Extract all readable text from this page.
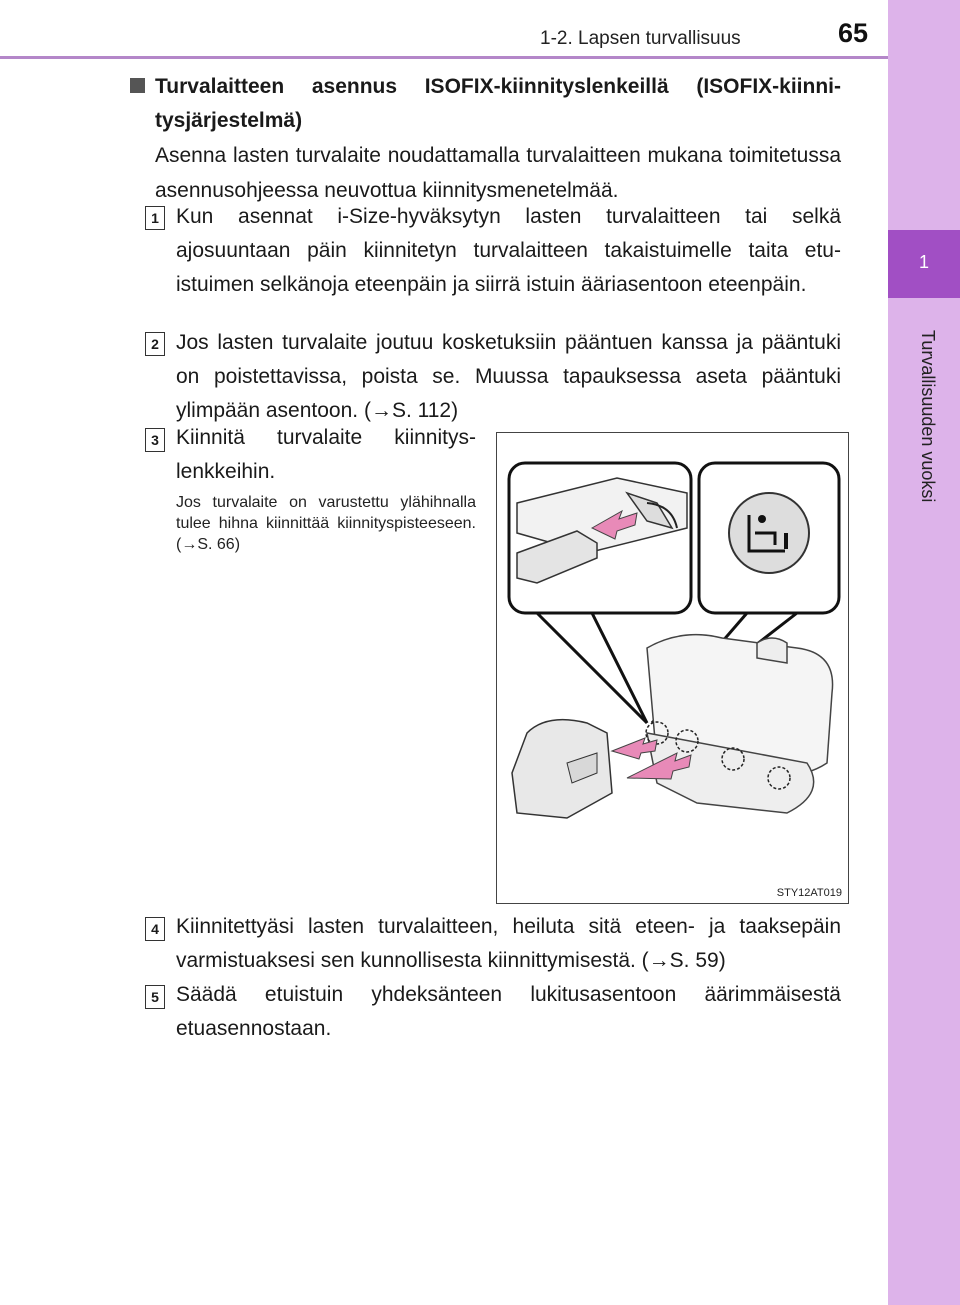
1-2. Lapsen turvallisuus	65
1
Turvallisuuden vuoksi
Turvalaitteen asennus ISOFIX-kiinnityslenkeillä (ISOFIX-kiinnitysjärjestelmä)
Asenna lasten turvalaite noudattamalla turvalaitteen mukana toimitetussa asennusohjeessa neuvottua kiinnitysmenetelmää.
1 Kun asennat i-Size-hyväksytyn lasten turvalaitteen tai selkä ajosuuntaan päin kiinnitetyn turvalaitteen takaistuimelle taita etuistuimen selkänoja eteenpäin ja siirrä istuin ääriasentoon eteenpäin.
2 Jos lasten turvalaite joutuu kosketuksiin pääntuen kanssa ja pääntuki on poistettavissa, poista se. Muussa tapauksessa aseta pääntuki ylimpään asentoon. (→S. 112)
3 Kiinnitä turvalaite kiinnityslenkkeihin.
Jos turvalaite on varustettu ylähihnalla tulee hihna kiinnittää kiinnityspisteeseen. (→S. 66)
STY12AT019
4 Kiinnitettyäsi lasten turvalaitteen, heiluta sitä eteen- ja taaksepäin varmistuaksesi sen kunnollisesta kiinnittymisestä. (→S. 59)
5 Säädä etuistuin yhdeksänteen lukitusasentoon äärimmäisestä etuasennostaan.
